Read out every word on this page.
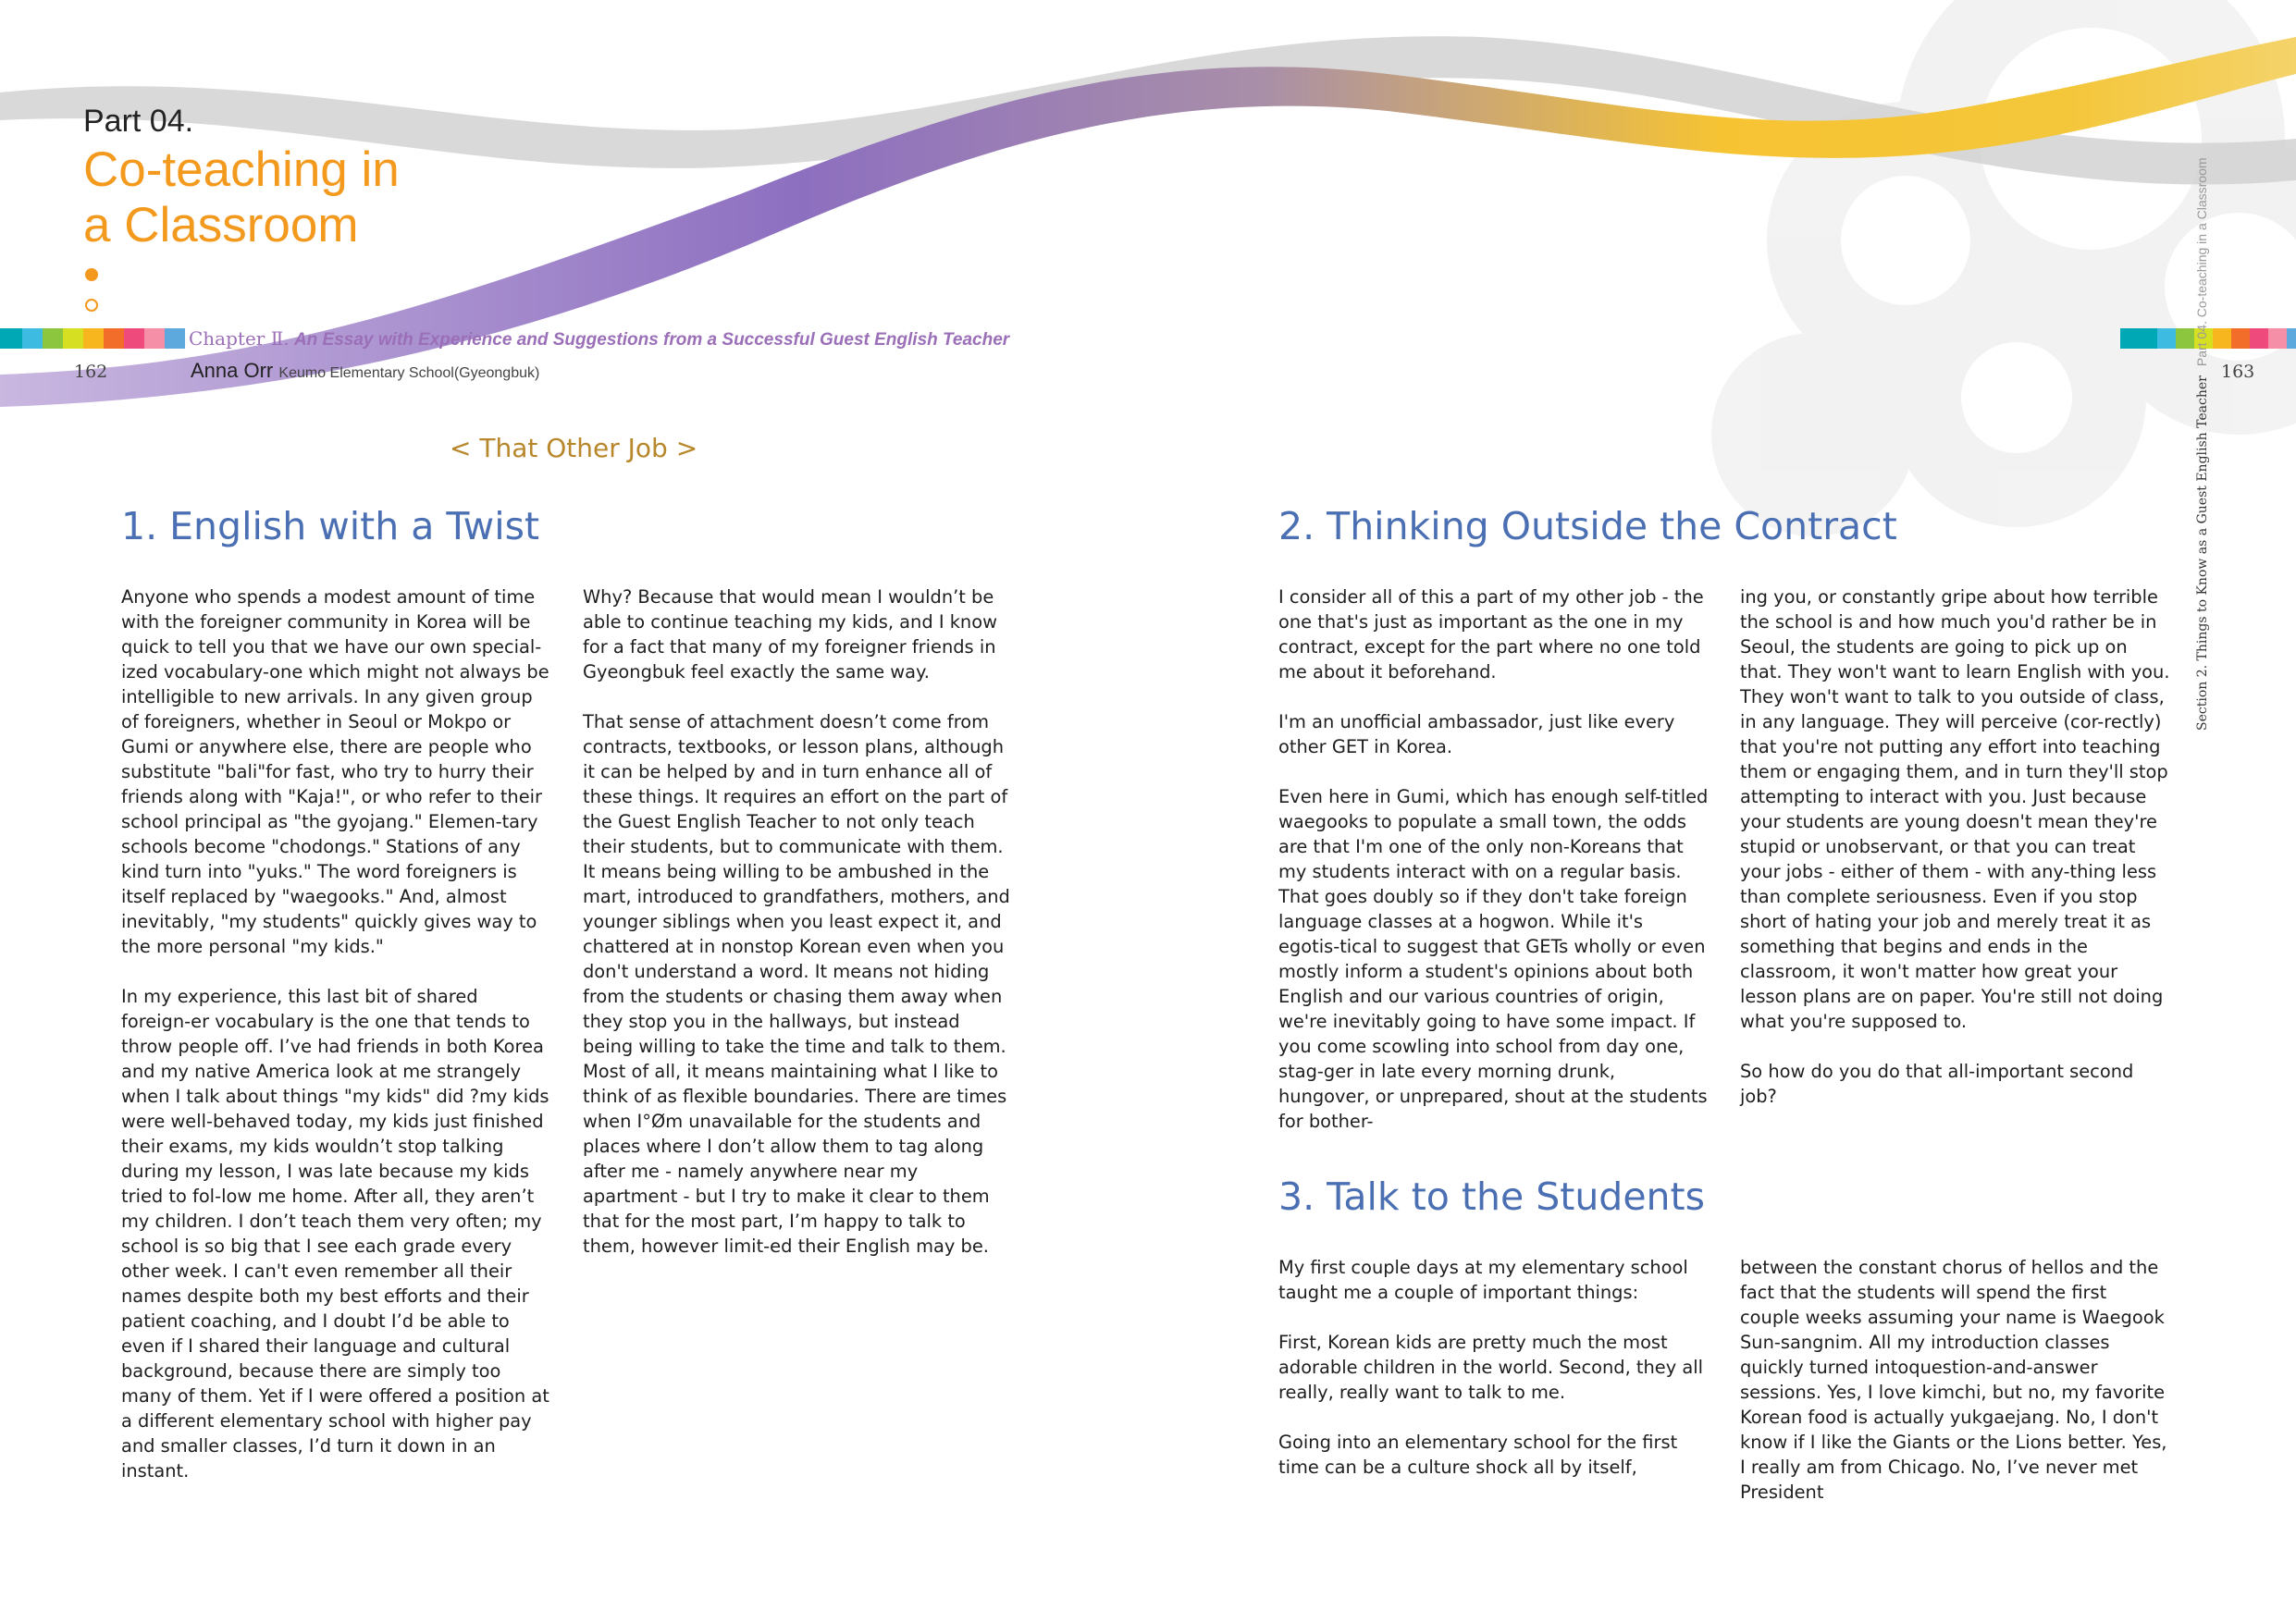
Part 04.
Co-teaching in
a Classroom
Chapter Ⅱ. An Essay with Experience and Suggestions from a Successful Guest English Teacher
162	Anna Orr Keumo Elementary School(Gyeongbuk)	163
Section 2. Things to Know as a Guest English TeacherPart 04. Co-teaching in a Classroom
< That Other Job >
1. English with a Twist

Anyone who spends a modest amount of time with the foreigner community in Korea will be quick to tell you that we have our own special-ized vocabulary-one which might not always be intelligible to new arrivals. In any given group of foreigners, whether in Seoul or Mokpo or Gumi or anywhere else, there are people who substitute "bali"for fast, who try to hurry their friends along with "Kaja!", or who refer to their school principal as "the gyojang." Elemen-tary schools become "chodongs." Stations of any kind turn into "yuks." The word foreigners is itself replaced by "waegooks." And, almost inevitably, "my students" quickly gives way to the more personal "my kids."

In my experience, this last bit of shared foreign-er vocabulary is the one that tends to throw people off. I’ve had friends in both Korea and my native America look at me strangely when I talk about things "my kids" did ?my kids were well-behaved today, my kids just finished their exams, my kids wouldn’t stop talking during my lesson, I was late because my kids tried to fol-low me home. After all, they aren’t my children. I don’t teach them very often; my school is so big that I see each grade every other week. I can't even remember all their names despite both my best efforts and their patient coaching, and I doubt I’d be able to even if I shared their language and cultural background, because there are simply too many of them. Yet if I were offered a position at a different elementary school with higher pay and smaller classes, I’d turn it down in an instant.

Why? Because that would mean I wouldn’t be able to continue teaching my kids, and I know for a fact that many of my foreigner friends in Gyeongbuk feel exactly the same way.

That sense of attachment doesn’t come from contracts, textbooks, or lesson plans, although it can be helped by and in turn enhance all of these things. It requires an effort on the part of the Guest English Teacher to not only teach their students, but to communicate with them. It means being willing to be ambushed in the mart, introduced to grandfathers, mothers, and younger siblings when you least expect it, and chattered at in nonstop Korean even when you don't understand a word. It means not hiding from the students or chasing them away when they stop you in the hallways, but instead being willing to take the time and talk to them. Most of all, it means maintaining what I like to think of as flexible boundaries. There are times when I°Øm unavailable for the students and places where I don’t allow them to tag along after me - namely anywhere near my apartment - but I try to make it clear to them that for the most part, I’m happy to talk to them, however limit-ed their English may be.

2. Thinking Outside the Contract

I consider all of this a part of my other job - the one that's just as important as the one in my contract, except for the part where no one told me about it beforehand.

I'm an unofficial ambassador, just like every other GET in Korea.

Even here in Gumi, which has enough self-titled waegooks to populate a small town, the odds are that I'm one of the only non-Koreans that my students interact with on a regular basis. That goes doubly so if they don't take foreign language classes at a hogwon. While it's egotis-tical to suggest that GETs wholly or even mostly inform a student's opinions about both English and our various countries of origin, we're inevitably going to have some impact. If you come scowling into school from day one, stag-ger in late every morning drunk, hungover, or unprepared, shout at the students for bother-

ing you, or constantly gripe about how terrible the school is and how much you'd rather be in Seoul, the students are going to pick up on that. They won't want to learn English with you. They won't want to talk to you outside of class, in any language. They will perceive (cor-rectly) that you're not putting any effort into teaching them or engaging them, and in turn they'll stop attempting to interact with you. Just because your students are young doesn't mean they're stupid or unobservant, or that you can treat your jobs - either of them - with any-thing less than complete seriousness. Even if you stop short of hating your job and merely treat it as something that begins and ends in the classroom, it won't matter how great your lesson plans are on paper. You're still not doing what you're supposed to.

So how do you do that all-important second job?

3. Talk to the Students

My first couple days at my elementary school taught me a couple of important things:

First, Korean kids are pretty much the most adorable children in the world. Second, they all really, really want to talk to me.

Going into an elementary school for the first time can be a culture shock all by itself,

between the constant chorus of hellos and the fact that the students will spend the first couple weeks assuming your name is Waegook Sun-sangnim. All my introduction classes quickly turned intoquestion-and-answer sessions. Yes, I love kimchi, but no, my favorite Korean food is actually yukgaejang. No, I don't know if I like the Giants or the Lions better. Yes, I really am from Chicago. No, I’ve never met President
